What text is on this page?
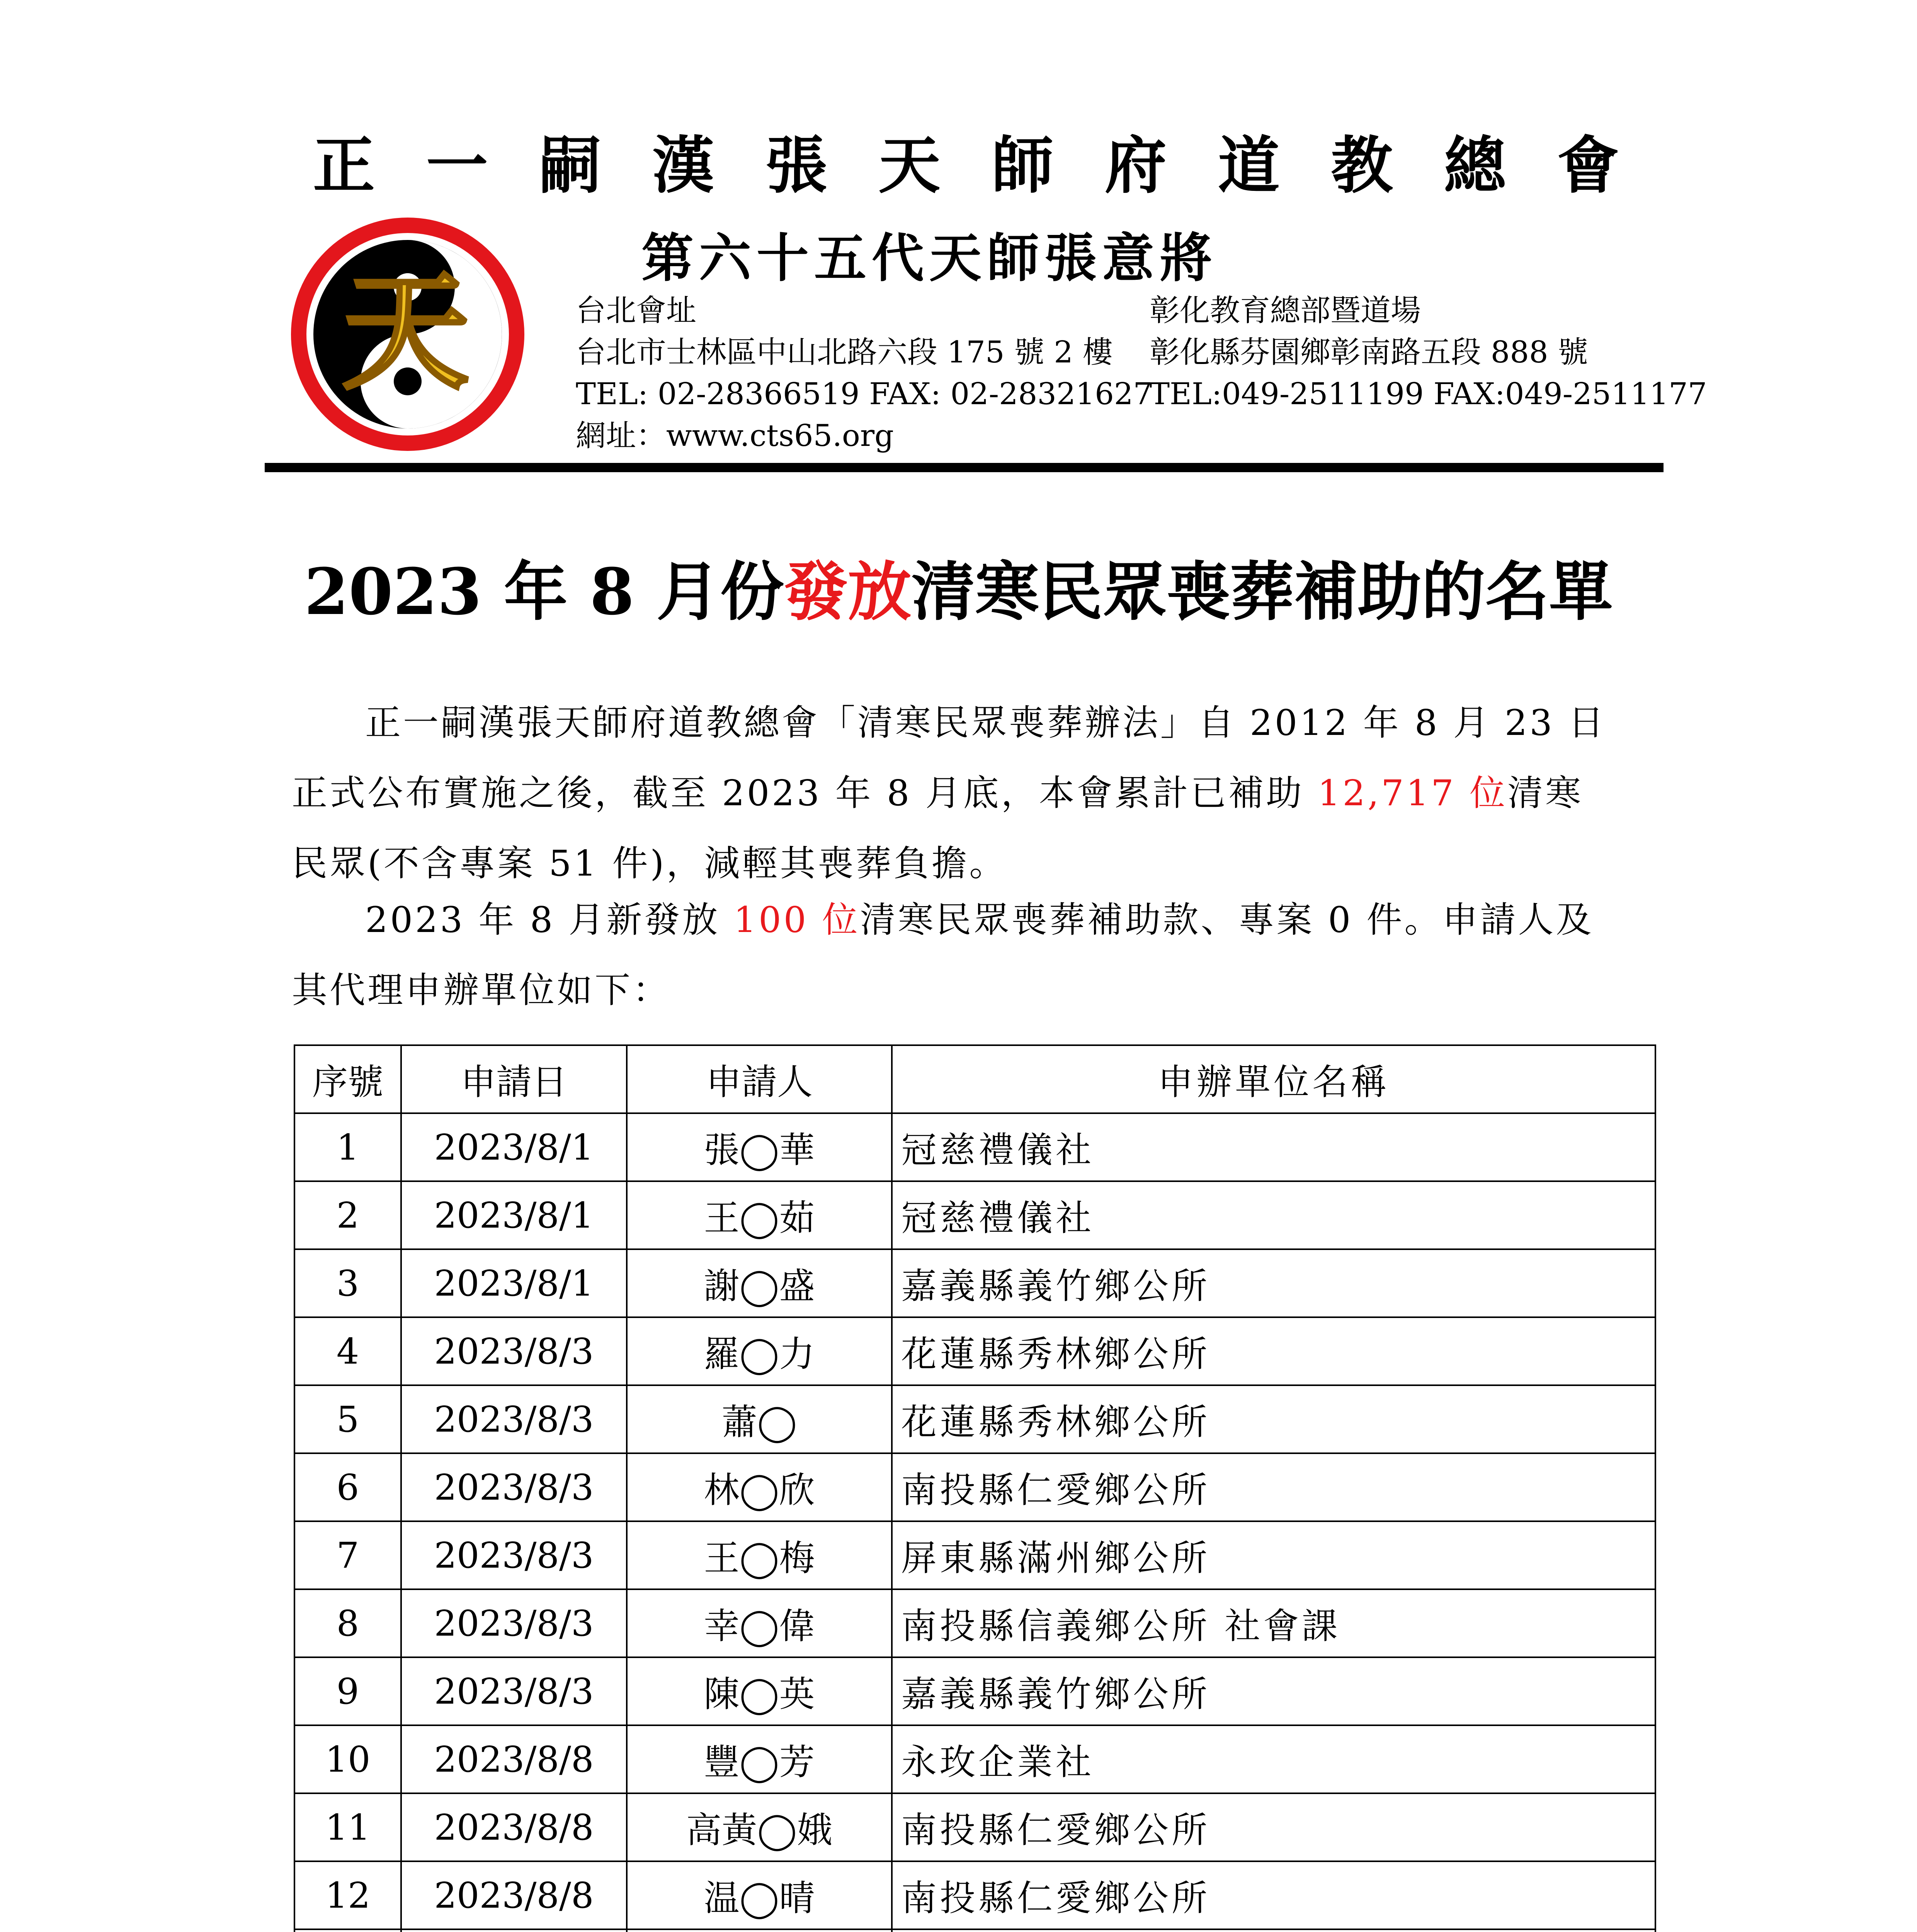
正 一 嗣 漢 張 天 師 府 道 教 總 會
天	第六十五代天師張意將
台北會址
台北市士林區中山北路六段 175 號 2 樓
TEL: 02-28366519 FAX: 02-28321627
網址：www.cts65.org
彰化教育總部暨道場
彰化縣芬園鄉彰南路五段 888 號
TEL:049-2511199 FAX:049-2511177
2023 年 8 月份發放清寒民眾喪葬補助的名單
正一嗣漢張天師府道教總會「清寒民眾喪葬辦法」自 2012 年 8 月 23 日正式公布實施之後，截至 2023 年 8 月底，本會累計已補助 12,717 位清寒民眾(不含專案 51 件)，減輕其喪葬負擔。
2023 年 8 月新發放 100 位清寒民眾喪葬補助款、專案 0 件。申請人及其代理申辦單位如下：
序號	申請日	申請人	申辦單位名稱
1	2023/8/1	張◯華	冠慈禮儀社
2	2023/8/1	王◯茹	冠慈禮儀社
3	2023/8/1	謝◯盛	嘉義縣義竹鄉公所
4	2023/8/3	羅◯力	花蓮縣秀林鄉公所
5	2023/8/3	蕭◯	花蓮縣秀林鄉公所
6	2023/8/3	林◯欣	南投縣仁愛鄉公所
7	2023/8/3	王◯梅	屏東縣滿州鄉公所
8	2023/8/3	幸◯偉	南投縣信義鄉公所 社會課
9	2023/8/3	陳◯英	嘉義縣義竹鄉公所
10	2023/8/8	豐◯芳	永玫企業社
11	2023/8/8	高黃◯娥	南投縣仁愛鄉公所
12	2023/8/8	温◯晴	南投縣仁愛鄉公所
